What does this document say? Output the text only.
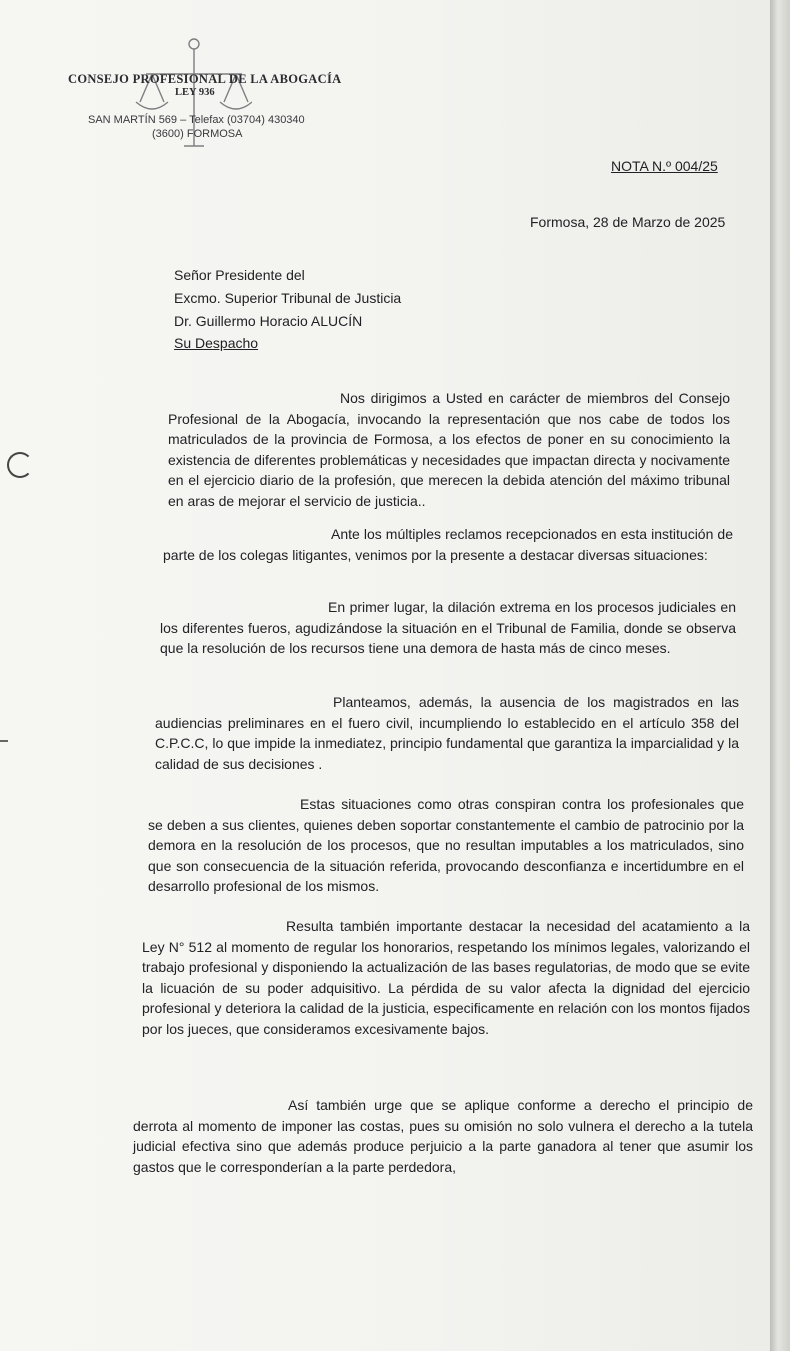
CONSEJO PROFESIONAL DE LA ABOGACÍA
LEY 936
SAN MARTÍN 569 – Telefax (03704) 430340
(3600) FORMOSA
NOTA N.º 004/25
Formosa, 28 de Marzo de 2025
Señor Presidente del
Excmo. Superior Tribunal de Justicia
Dr. Guillermo Horacio ALUCÍN
Su Despacho
Nos dirigimos a Usted en carácter de miembros del Consejo Profesional de la Abogacía, invocando la representación que nos cabe de todos los matriculados de la provincia de Formosa, a los efectos de poner en su conocimiento la existencia de diferentes problemáticas y necesidades que impactan directa y nocivamente en el ejercicio diario de la profesión, que merecen la debida atención del máximo tribunal en aras de mejorar el servicio de justicia..
Ante los múltiples reclamos recepcionados en esta institución de parte de los colegas litigantes, venimos por la presente a destacar diversas situaciones:
En primer lugar, la dilación extrema en los procesos judiciales en los diferentes fueros, agudizándose la situación en el Tribunal de Familia, donde se observa que la resolución de los recursos tiene una demora de hasta más de cinco meses.
Planteamos, además, la ausencia de los magistrados en las audiencias preliminares en el fuero civil, incumpliendo lo establecido en el artículo 358 del C.P.C.C, lo que impide la inmediatez, principio fundamental que garantiza la imparcialidad y la calidad de sus decisiones .
Estas situaciones como otras conspiran contra los profesionales que se deben a sus clientes, quienes deben soportar constantemente el cambio de patrocinio por la demora en la resolución de los procesos, que no resultan imputables a los matriculados, sino que son consecuencia de la situación referida, provocando desconfianza e incertidumbre en el desarrollo profesional de los mismos.
Resulta también importante destacar la necesidad del acatamiento a la Ley N° 512 al momento de regular los honorarios, respetando los mínimos legales, valorizando el trabajo profesional y disponiendo la actualización de las bases regulatorias, de modo que se evite la licuación de su poder adquisitivo. La pérdida de su valor afecta la dignidad del ejercicio profesional y deteriora la calidad de la justicia, especificamente en relación con los montos fijados por los jueces, que consideramos excesivamente bajos.
Así también urge que se aplique conforme a derecho el principio de derrota al momento de imponer las costas, pues su omisión no solo vulnera el derecho a la tutela judicial efectiva sino que además produce perjuicio a la parte ganadora al tener que asumir los gastos que le corresponderían a la parte perdedora,
